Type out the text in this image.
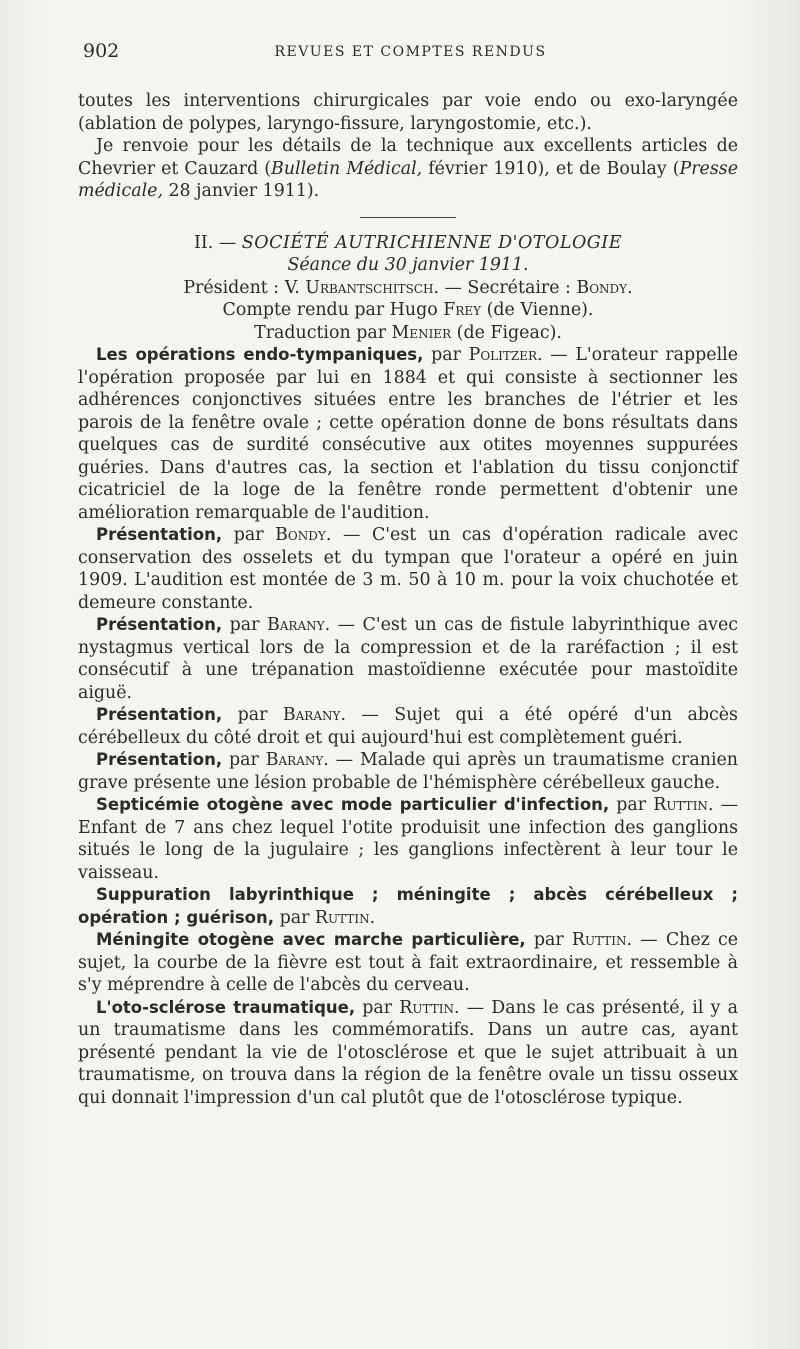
902	REVUES ET COMPTES RENDUS

toutes les interventions chirurgicales par voie endo ou exo-laryngée (ablation de polypes, laryngo-fissure, laryngostomie, etc.).

Je renvoie pour les détails de la technique aux excellents articles de Chevrier et Cauzard (Bulletin Médical, février 1910), et de Boulay (Presse médicale, 28 janvier 1911).

II. — SOCIÉTÉ AUTRICHIENNE D'OTOLOGIE
Séance du 30 janvier 1911.
Président : V. Urbantschitsch. — Secrétaire : Bondy.
Compte rendu par Hugo Frey (de Vienne).
Traduction par Menier (de Figeac).

Les opérations endo-tympaniques, par Politzer. — L'orateur rappelle l'opération proposée par lui en 1884 et qui consiste à sectionner les adhérences conjonctives situées entre les branches de l'étrier et les parois de la fenêtre ovale ; cette opération donne de bons résultats dans quelques cas de surdité consécutive aux otites moyennes suppurées guéries. Dans d'autres cas, la section et l'ablation du tissu conjonctif cicatriciel de la loge de la fenêtre ronde permettent d'obtenir une amélioration remarquable de l'audition.

Présentation, par Bondy. — C'est un cas d'opération radicale avec conservation des osselets et du tympan que l'orateur a opéré en juin 1909. L'audition est montée de 3 m. 50 à 10 m. pour la voix chuchotée et demeure constante.

Présentation, par Barany. — C'est un cas de fistule labyrinthique avec nystagmus vertical lors de la compression et de la raréfaction ; il est consécutif à une trépanation mastoïdienne exécutée pour mastoïdite aiguë.

Présentation, par Barany. — Sujet qui a été opéré d'un abcès cérébelleux du côté droit et qui aujourd'hui est complètement guéri.

Présentation, par Barany. — Malade qui après un traumatisme cranien grave présente une lésion probable de l'hémisphère cérébelleux gauche.

Septicémie otogène avec mode particulier d'infection, par Ruttin. — Enfant de 7 ans chez lequel l'otite produisit une infection des ganglions situés le long de la jugulaire ; les ganglions infectèrent à leur tour le vaisseau.

Suppuration labyrinthique ; méningite ; abcès cérébelleux ; opération ; guérison, par Ruttin.

Méningite otogène avec marche particulière, par Ruttin. — Chez ce sujet, la courbe de la fièvre est tout à fait extraordinaire, et ressemble à s'y méprendre à celle de l'abcès du cerveau.

L'oto-sclérose traumatique, par Ruttin. — Dans le cas présenté, il y a un traumatisme dans les commémoratifs. Dans un autre cas, ayant présenté pendant la vie de l'otosclérose et que le sujet attribuait à un traumatisme, on trouva dans la région de la fenêtre ovale un tissu osseux qui donnait l'impression d'un cal plutôt que de l'otosclérose typique.
